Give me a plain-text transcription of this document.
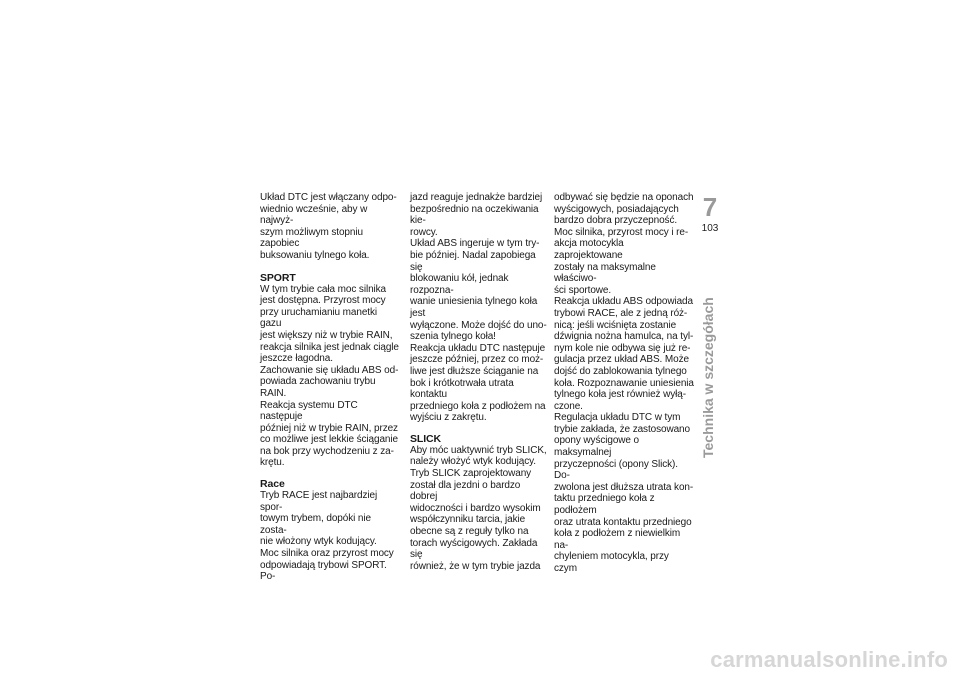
Układ DTC jest włączany odpo-
wiednio wcześnie, aby w najwyż-
szym możliwym stopniu zapobiec
buksowaniu tylnego koła.

SPORT

W tym trybie cała moc silnika
jest dostępna. Przyrost mocy
przy uruchamianiu manetki gazu
jest większy niż w trybie RAIN,
reakcja silnika jest jednak ciągle
jeszcze łagodna.
Zachowanie się układu ABS od-
powiada zachowaniu trybu RAIN.
Reakcja systemu DTC następuje
później niż w trybie RAIN, przez
co możliwe jest lekkie ściąganie
na bok przy wychodzeniu z za-
krętu.

Race

Tryb RACE jest najbardziej spor-
towym trybem, dopóki nie zosta-
nie włożony wtyk kodujący.
Moc silnika oraz przyrost mocy
odpowiadają trybowi SPORT. Po-

jazd reaguje jednakże bardziej
bezpośrednio na oczekiwania kie-
rowcy.
Układ ABS ingeruje w tym try-
bie później. Nadal zapobiega się
blokowaniu kół, jednak rozpozna-
wanie uniesienia tylnego koła jest
wyłączone. Może dojść do uno-
szenia tylnego koła!
Reakcja układu DTC następuje
jeszcze później, przez co moż-
liwe jest dłuższe ściąganie na
bok i krótkotrwała utrata kontaktu
przedniego koła z podłożem na
wyjściu z zakrętu.

SLICK

Aby móc uaktywnić tryb SLICK,
należy włożyć wtyk kodujący.
Tryb SLICK zaprojektowany
został dla jezdni o bardzo dobrej
widoczności i bardzo wysokim
współczynniku tarcia, jakie
obecne są z reguły tylko na
torach wyścigowych. Zakłada się
również, że w tym trybie jazda

odbywać się będzie na oponach
wyścigowych, posiadających
bardzo dobra przyczepność.
Moc silnika, przyrost mocy i re-
akcja motocykla zaprojektowane
zostały na maksymalne właściwo-
ści sportowe.
Reakcja układu ABS odpowiada
trybowi RACE, ale z jedną róż-
nicą: jeśli wciśnięta zostanie
dźwignia nożna hamulca, na tyl-
nym kole nie odbywa się już re-
gulacja przez układ ABS. Może
dojść do zablokowania tylnego
koła. Rozpoznawanie uniesienia
tylnego koła jest również wyłą-
czone.
Regulacja układu DTC w tym
trybie zakłada, że zastosowano
opony wyścigowe o maksymalnej
przyczepności (opony Slick). Do-
zwolona jest dłuższa utrata kon-
taktu przedniego koła z podłożem
oraz utrata kontaktu przedniego
koła z podłożem z niewielkim na-
chyleniem motocykla, przy czym

7
103
Technika w szczegółach
carmanualsonline.info
